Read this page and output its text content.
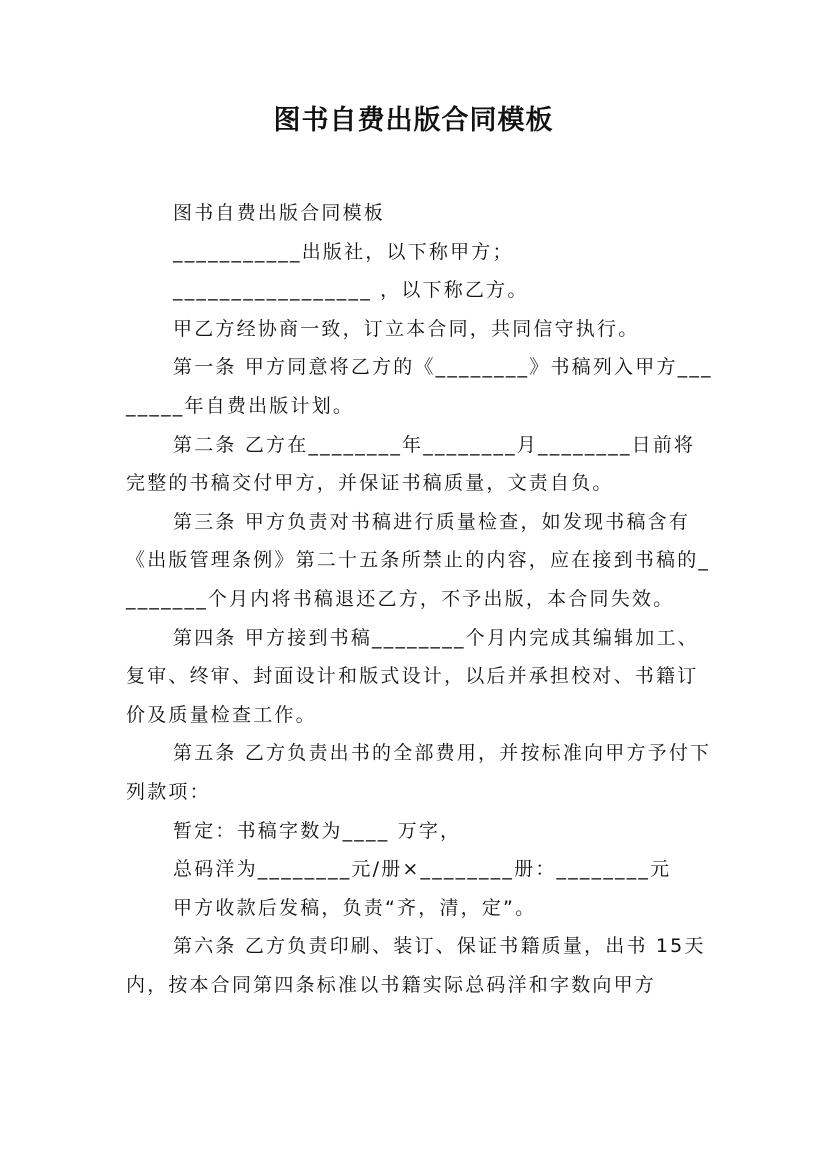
图书自费出版合同模板

图书自费出版合同模板

___________出版社，以下称甲方；

_________________ ，以下称乙方。

甲乙方经协商一致，订立本合同，共同信守执行。

第一条 甲方同意将乙方的《________》书稿列入甲方________年自费出版计划。

第二条 乙方在________年________月________日前将完整的书稿交付甲方，并保证书稿质量，文责自负。

第三条 甲方负责对书稿进行质量检查，如发现书稿含有《出版管理条例》第二十五条所禁止的内容，应在接到书稿的________个月内将书稿退还乙方，不予出版，本合同失效。

第四条 甲方接到书稿________个月内完成其编辑加工、复审、终审、封面设计和版式设计，以后并承担校对、书籍订价及质量检查工作。

第五条 乙方负责出书的全部费用，并按标准向甲方予付下列款项：

暂定：书稿字数为____ 万字，

总码洋为________元/册×________册：________元

甲方收款后发稿，负责“齐，清，定”。

第六条 乙方负责印刷、装订、保证书籍质量，出书 15天内，按本合同第四条标准以书籍实际总码洋和字数向甲方
